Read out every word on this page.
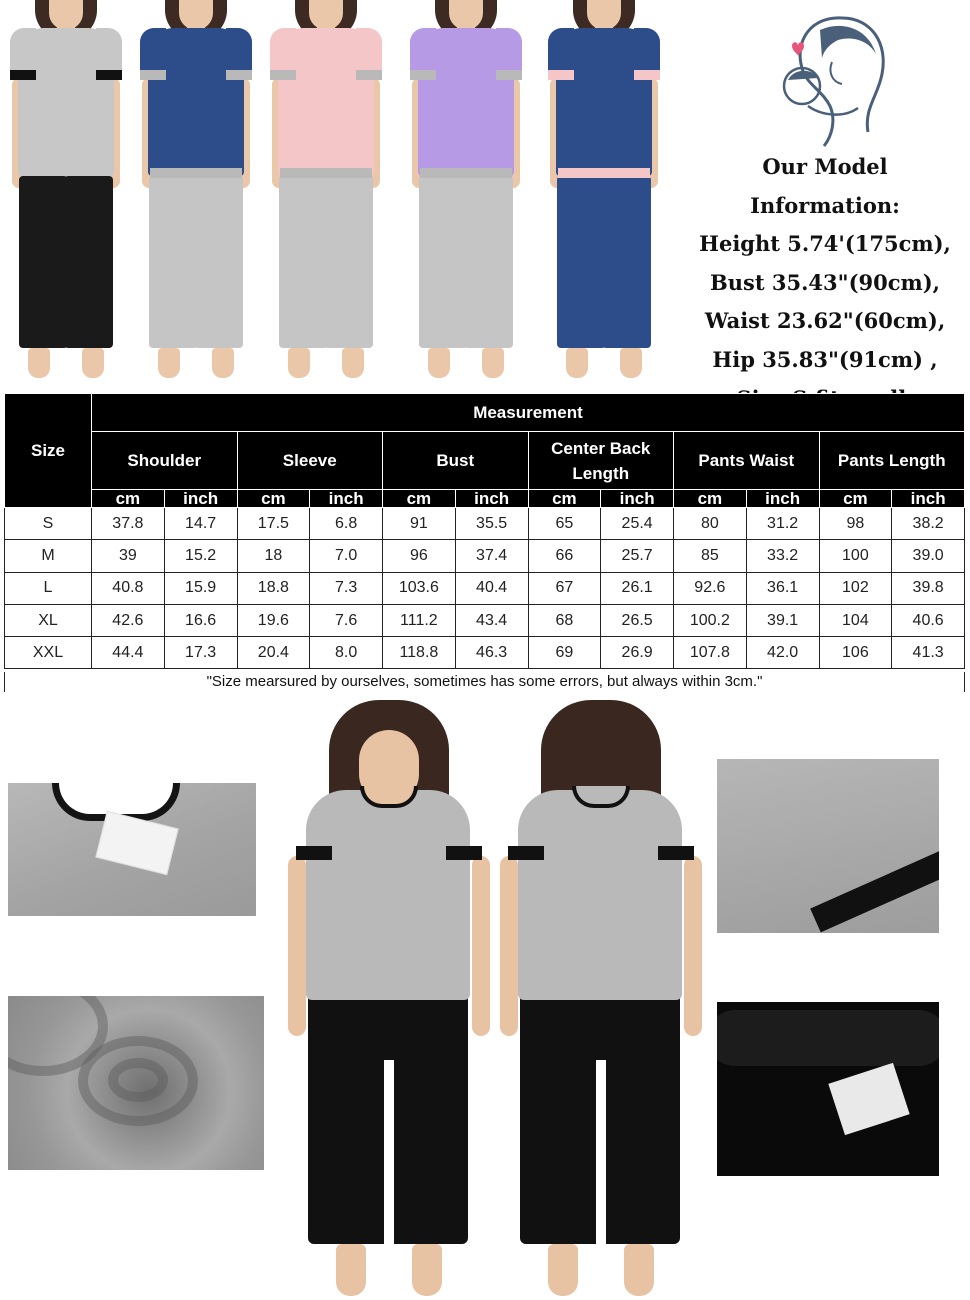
Our Model Information:
Height 5.74'(175cm),
Bust 35.43"(90cm),
Waist 23.62"(60cm),
Hip 35.83"(91cm) ,
Size	Measurement											
	Shoulder		Sleeve		Bust		Center Back Length		Pants Waist		Pants Length	
	cm	inch	cm	inch	cm	inch	cm	inch	cm	inch	cm	inch
S	37.8	14.7	17.5	6.8	91	35.5	65	25.4	80	31.2	98	38.2
M	39	15.2	18	7.0	96	37.4	66	25.7	85	33.2	100	39.0
L	40.8	15.9	18.8	7.3	103.6	40.4	67	26.1	92.6	36.1	102	39.8
XL	42.6	16.6	19.6	7.6	111.2	43.4	68	26.5	100.2	39.1	104	40.6
XXL	44.4	17.3	20.4	8.0	118.8	46.3	69	26.9	107.8	42.0	106	41.3
"Size mearsured by ourselves, sometimes has some errors, but always within 3cm."
